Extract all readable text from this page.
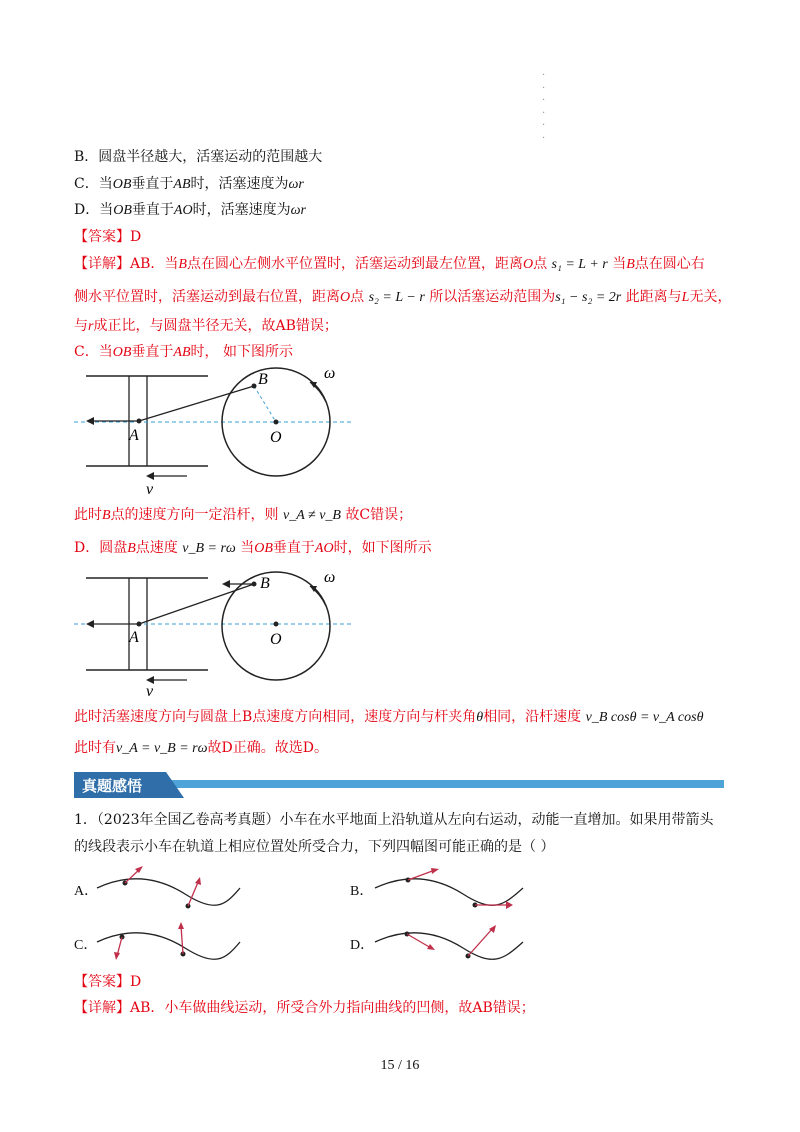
·
·
·
·
·
·
B．圆盘半径越大，活塞运动的范围越大
C．当OB垂直于AB时，活塞速度为ωr
D．当OB垂直于AO时，活塞速度为ωr
【答案】D
【详解】AB．当B点在圆心左侧水平位置时，活塞运动到最左位置，距离O点 s₁ = L + r 当B点在圆心右
侧水平位置时，活塞运动到最右位置，距离O点 s₂ = L − r 所以活塞运动范围为s₁ − s₂ = 2r 此距离与L无关，
与r成正比，与圆盘半径无关，故AB错误；
C．当OB垂直于AB时， 如下图所示
B
A	O
ω
v
此时B点的速度方向一定沿杆，则 v_A ≠ v_B 故C错误；
D．圆盘B点速度 v_B = rω 当OB垂直于AO时，如下图所示
B
A	O
ω
v
此时活塞速度方向与圆盘上B点速度方向相同，速度方向与杆夹角θ相同，沿杆速度 v_B cosθ = v_A cosθ
此时有v_A = v_B = rω故D正确。故选D。
真题感悟
1．（2023年全国乙卷高考真题）小车在水平地面上沿轨道从左向右运动，动能一直增加。如果用带箭头
的线段表示小车在轨道上相应位置处所受合力，下列四幅图可能正确的是（ ）
A．	B．
C．	D．
【答案】D
【详解】AB．小车做曲线运动，所受合外力指向曲线的凹侧，故AB错误；
15 / 16
